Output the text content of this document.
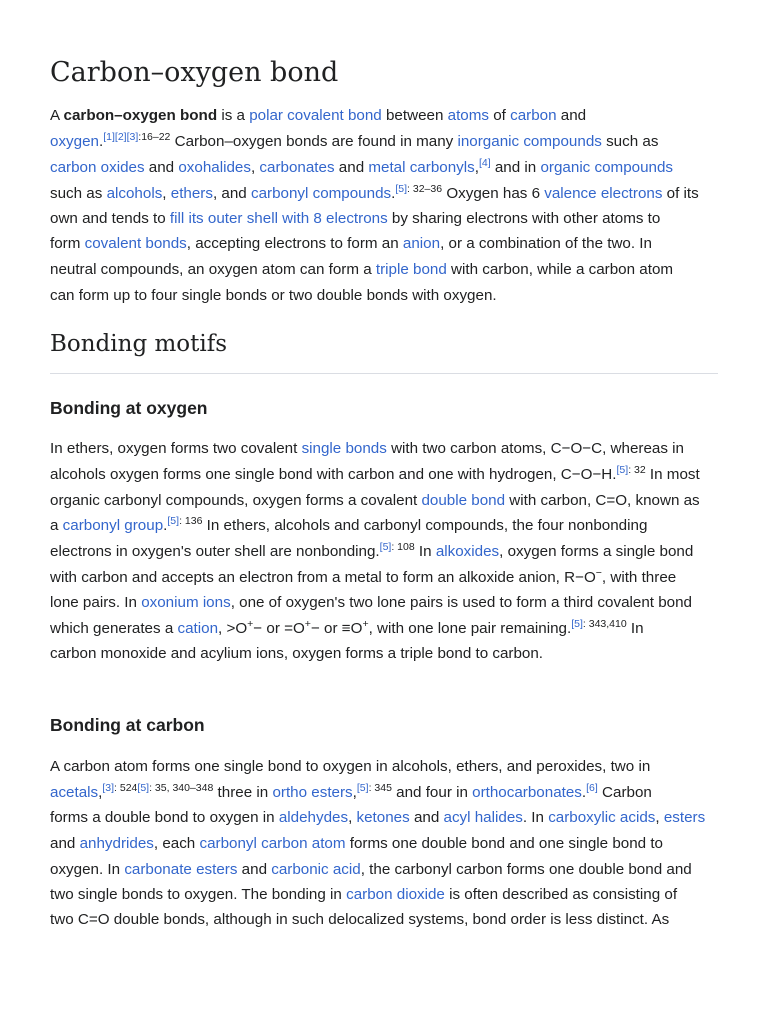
Carbon–oxygen bond
A carbon–oxygen bond is a polar covalent bond between atoms of carbon and
oxygen.$^{[1][2][3]:16-22}$ Carbon–oxygen bonds are found in many inorganic compounds such as
carbon oxides and oxohalides, carbonates and metal carbonyls,[4] and in organic compounds
such as alcohols, ethers, and carbonyl compounds.$^{[5]: 32-36}$ Oxygen has 6 valence electrons of its
own and tends to fill its outer shell with 8 electrons by sharing electrons with other atoms to
form covalent bonds, accepting electrons to form an anion, or a combination of the two. In
neutral compounds, an oxygen atom can form a triple bond with carbon, while a carbon atom
can form up to four single bonds or two double bonds with oxygen.
Bonding motifs
Bonding at oxygen
In ethers, oxygen forms two covalent single bonds with two carbon atoms, C−O−C, whereas in
alcohols oxygen forms one single bond with carbon and one with hydrogen, C−O−H.$^{[5]: 32}$ In most
organic carbonyl compounds, oxygen forms a covalent double bond with carbon, C=O, known as
a carbonyl group.$^{[5]: 136}$ In ethers, alcohols and carbonyl compounds, the four nonbonding
electrons in oxygen's outer shell are nonbonding.$^{[5]: 108}$ In alkoxides, oxygen forms a single bond
with carbon and accepts an electron from a metal to form an alkoxide anion, R−O−, with three
lone pairs. In oxonium ions, one of oxygen's two lone pairs is used to form a third covalent bond
which generates a cation, >O+− or =O+− or ≡O+, with one lone pair remaining.$^{[5]: 343,410}$ In
carbon monoxide and acylium ions, oxygen forms a triple bond to carbon.
Bonding at carbon
A carbon atom forms one single bond to oxygen in alcohols, ethers, and peroxides, two in
acetals,$^{[3]: 524[5]: 35, 340-348}$ three in ortho esters,$^{[5]: 345}$ and four in orthocarbonates.[6] Carbon
forms a double bond to oxygen in aldehydes, ketones and acyl halides. In carboxylic acids, esters
and anhydrides, each carbonyl carbon atom forms one double bond and one single bond to
oxygen. In carbonate esters and carbonic acid, the carbonyl carbon forms one double bond and
two single bonds to oxygen. The bonding in carbon dioxide is often described as consisting of
two C=O double bonds, although in such delocalized systems, bond order is less distinct. As
